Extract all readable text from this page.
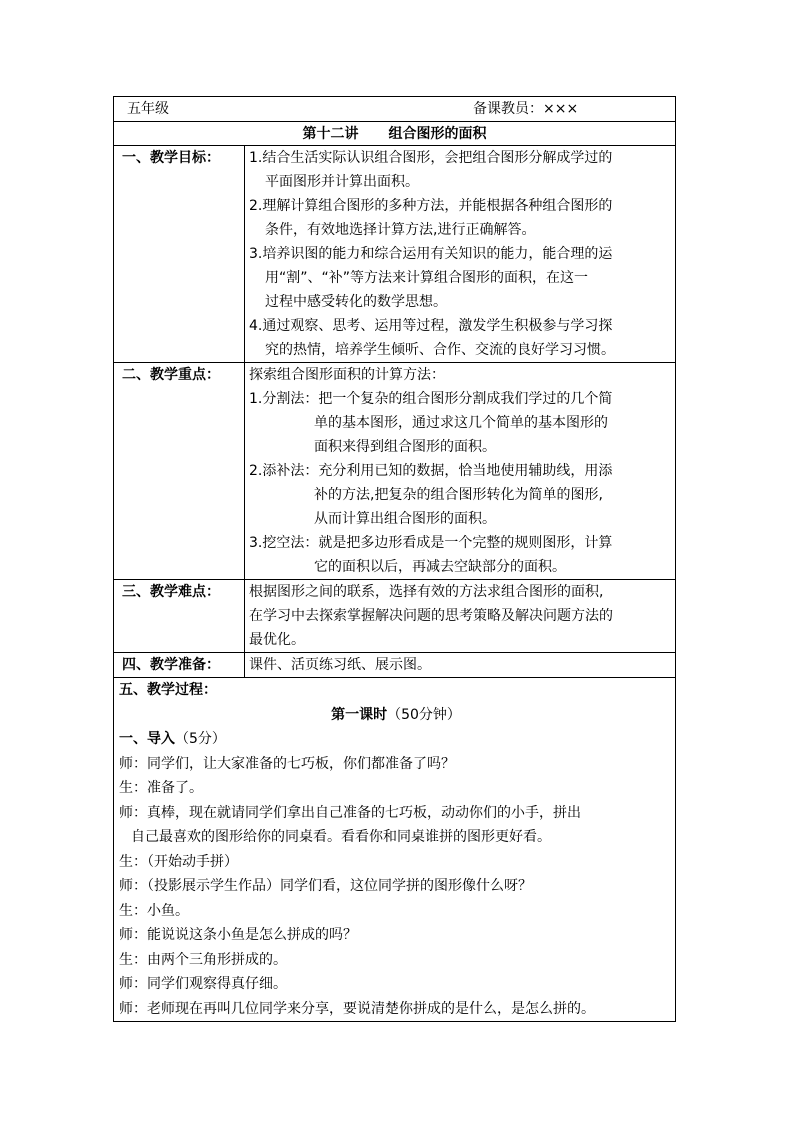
五年级	备课教员：×××
第十二讲 组合图形的面积
一、教学目标：	1.结合生活实际认识组合图形，会把组合图形分解成学过的
平面图形并计算出面积。
2.理解计算组合图形的多种方法，并能根据各种组合图形的
条件，有效地选择计算方法,进行正确解答。
3.培养识图的能力和综合运用有关知识的能力，能合理的运
用“割”、“补”等方法来计算组合图形的面积，在这一
过程中感受转化的数学思想。
4.通过观察、思考、运用等过程，激发学生积极参与学习探
究的热情，培养学生倾听、合作、交流的良好学习习惯。
二、教学重点：	探索组合图形面积的计算方法：
1.分割法：把一个复杂的组合图形分割成我们学过的几个简
单的基本图形，通过求这几个简单的基本图形的
面积来得到组合图形的面积。
2.添补法：充分利用已知的数据，恰当地使用辅助线，用添
补的方法,把复杂的组合图形转化为简单的图形,
从而计算出组合图形的面积。
3.挖空法：就是把多边形看成是一个完整的规则图形，计算
它的面积以后，再减去空缺部分的面积。
三、教学难点：	根据图形之间的联系，选择有效的方法求组合图形的面积,
在学习中去探索掌握解决问题的思考策略及解决问题方法的
最优化。
四、教学准备：	课件、活页练习纸、展示图。
五、教学过程：
第一课时（50分钟）
一、导入（5分）
师：同学们，让大家准备的七巧板，你们都准备了吗？
生：准备了。
师：真棒，现在就请同学们拿出自己准备的七巧板，动动你们的小手，拼出
自己最喜欢的图形给你的同桌看。看看你和同桌谁拼的图形更好看。
生：（开始动手拼）
师：（投影展示学生作品）同学们看，这位同学拼的图形像什么呀？
生：小鱼。
师：能说说这条小鱼是怎么拼成的吗？
生：由两个三角形拼成的。
师：同学们观察得真仔细。
师：老师现在再叫几位同学来分享，要说清楚你拼成的是什么，是怎么拼的。
